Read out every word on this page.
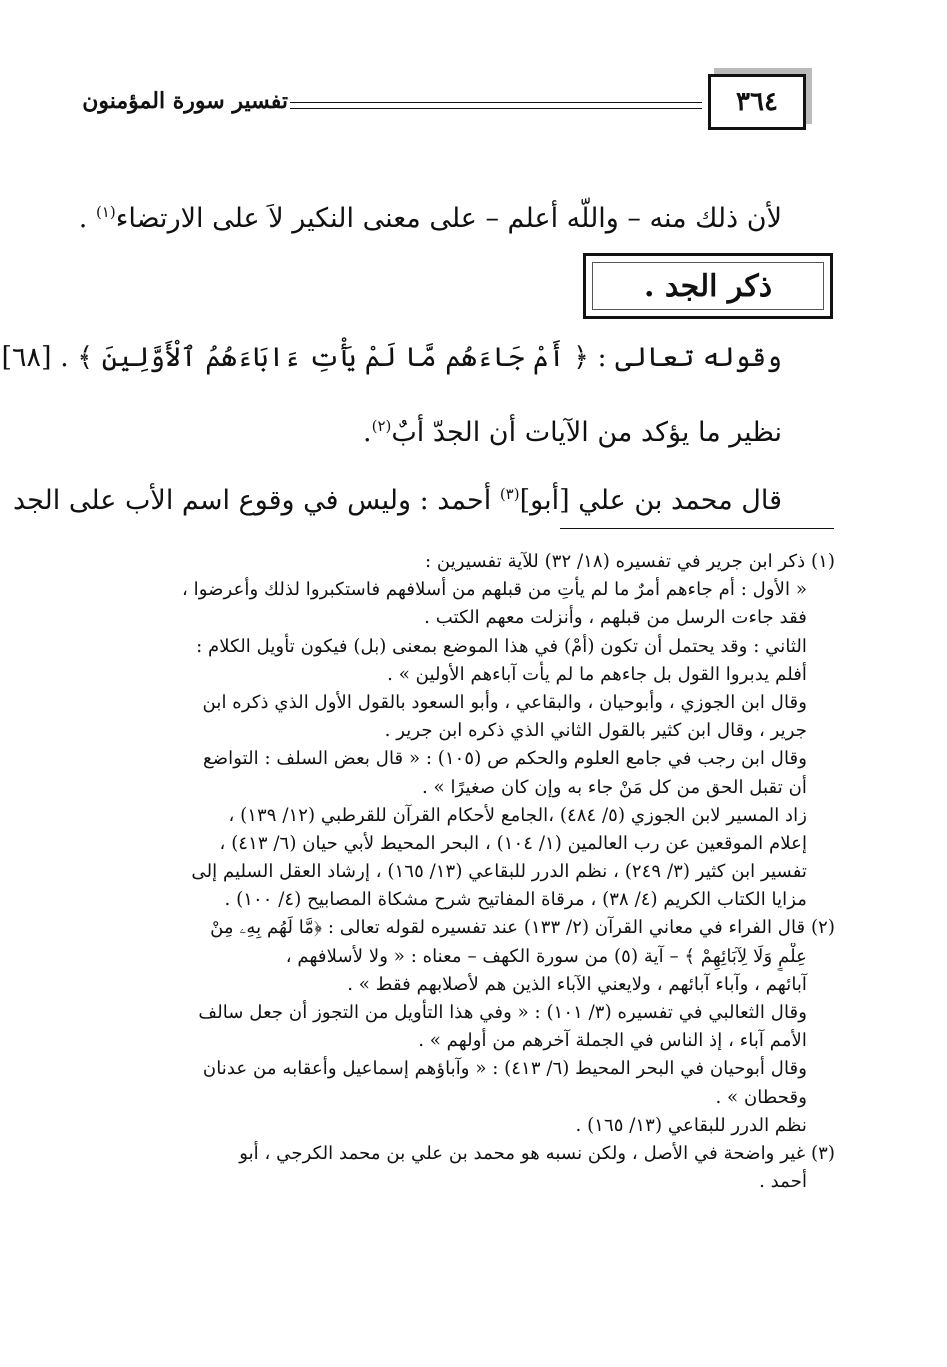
٣٦٤
تفسير سورة المؤمنون
لأن ذلك منه – واللّه أعلم – على معنى النكير لاَ على الارتضاء$^{(١)}$ .
ذكر الجد .
وقوله تعالى : ﴿ أَمْ جَاءَهُم مَّا لَمْ يَأْتِ ءَابَاءَهُمُ ٱلْأَوَّلِينَ ﴾ . [٦٨]
نظير ما يؤكد من الآيات أن الجدّ أبٌ$^{(٢)}$.
قال محمد بن علي [أبو]$^{(٣)}$ أحمد : وليس في وقوع اسم الأب على الجد
(١) ذكر ابن جرير في تفسيره (١٨/ ٣٢) للآية تفسيرين :
« الأول : أم جاءهم أمرٌ ما لم يأتِ من قبلهم من أسلافهم فاستكبروا لذلك وأعرضوا ،
فقد جاءت الرسل من قبلهم ، وأنزلت معهم الكتب .
الثاني : وقد يحتمل أن تكون (أمْ) في هذا الموضع بمعنى (بل) فيكون تأويل الكلام :
أفلم يدبروا القول بل جاءهم ما لم يأت آباءهم الأولين » .
وقال ابن الجوزي ، وأبوحيان ، والبقاعي ، وأبو السعود بالقول الأول الذي ذكره ابن
جرير ، وقال ابن كثير بالقول الثاني الذي ذكره ابن جرير .
وقال ابن رجب في جامع العلوم والحكم ص (١٠٥) : « قال بعض السلف : التواضع
أن تقبل الحق من كل مَنْ جاء به وإن كان صغيرًا » .
زاد المسير لابن الجوزي (٥/ ٤٨٤) ،الجامع لأحكام القرآن للقرطبي (١٢/ ١٣٩) ،
إعلام الموقعين عن رب العالمين (١/ ١٠٤) ، البحر المحيط لأبي حيان (٦/ ٤١٣) ،
تفسير ابن كثير (٣/ ٢٤٩) ، نظم الدرر للبقاعي (١٣/ ١٦٥) ، إرشاد العقل السليم إلى
مزايا الكتاب الكريم (٤/ ٣٨) ، مرقاة المفاتيح شرح مشكاة المصابيح (٤/ ١٠٠) .
(٢) قال الفراء في معاني القرآن (٢/ ١٣٣) عند تفسيره لقوله تعالى : ﴿مَّا لَهُم بِهِۦ مِنْ
عِلْمٍ وَلَا لِآبَائِهِمْ ﴾ – آية (٥) من سورة الكهف – معناه : « ولا لأسلافهم ،
آبائهم ، وآباء آبائهم ، ولايعني الآباء الذين هم لأصلابهم فقط » .
وقال الثعالبي في تفسيره (٣/ ١٠١) : « وفي هذا التأويل من التجوز أن جعل سالف
الأمم آباء ، إذ الناس في الجملة آخرهم من أولهم » .
وقال أبوحيان في البحر المحيط (٦/ ٤١٣) : « وآباؤهم إسماعيل وأعقابه من عدنان
وقحطان » .
نظم الدرر للبقاعي (١٣/ ١٦٥) .
(٣) غير واضحة في الأصل ، ولكن نسبه هو محمد بن علي بن محمد الكرجي ، أبو
أحمد .
